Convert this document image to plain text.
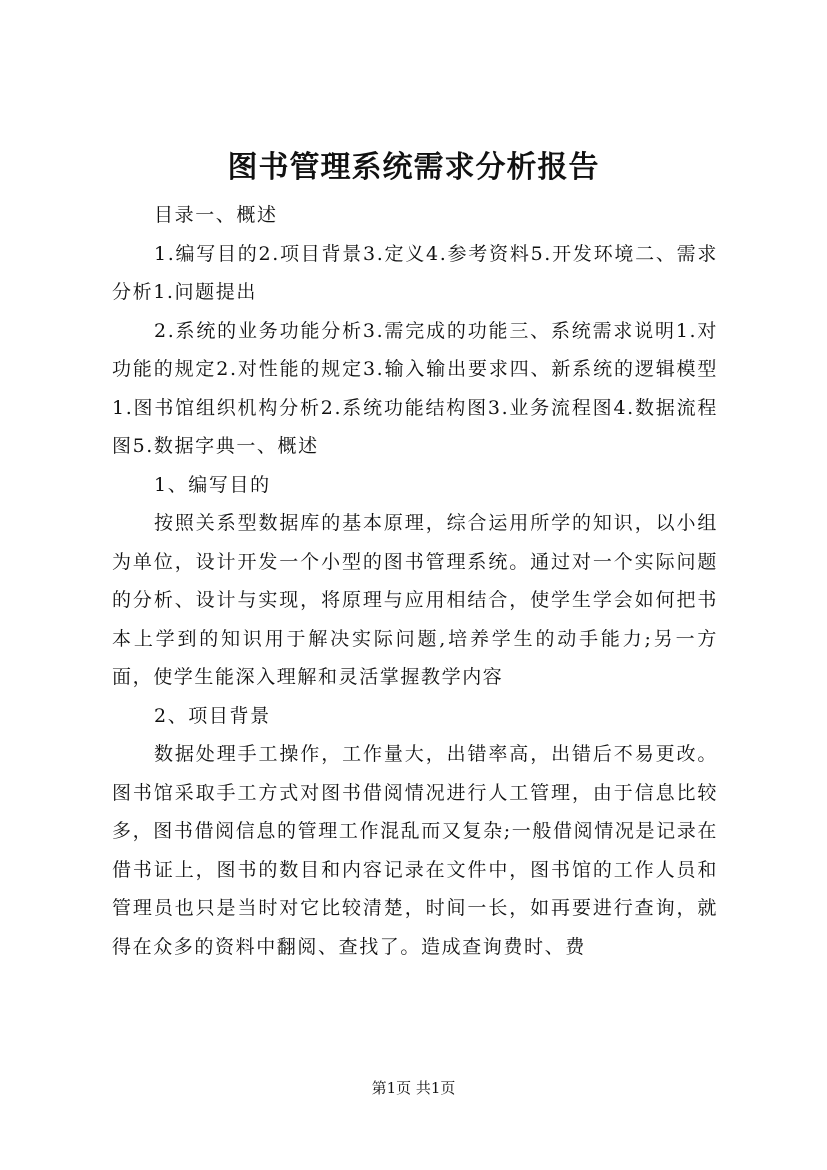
图书管理系统需求分析报告

目录一、概述

1.编写目的2.项目背景3.定义4.参考资料5.开发环境二、需求分析1.问题提出

2.系统的业务功能分析3.需完成的功能三、系统需求说明1.对功能的规定2.对性能的规定3.输入输出要求四、新系统的逻辑模型1.图书馆组织机构分析2.系统功能结构图3.业务流程图4.数据流程图5.数据字典一、概述

1、编写目的

按照关系型数据库的基本原理，综合运用所学的知识，以小组为单位，设计开发一个小型的图书管理系统。通过对一个实际问题的分析、设计与实现，将原理与应用相结合，使学生学会如何把书本上学到的知识用于解决实际问题,培养学生的动手能力;另一方面，使学生能深入理解和灵活掌握教学内容

2、项目背景

数据处理手工操作，工作量大，出错率高，出错后不易更改。图书馆采取手工方式对图书借阅情况进行人工管理，由于信息比较多，图书借阅信息的管理工作混乱而又复杂;一般借阅情况是记录在借书证上，图书的数目和内容记录在文件中，图书馆的工作人员和管理员也只是当时对它比较清楚，时间一长，如再要进行查询，就得在众多的资料中翻阅、查找了。造成查询费时、费

第1页 共1页
